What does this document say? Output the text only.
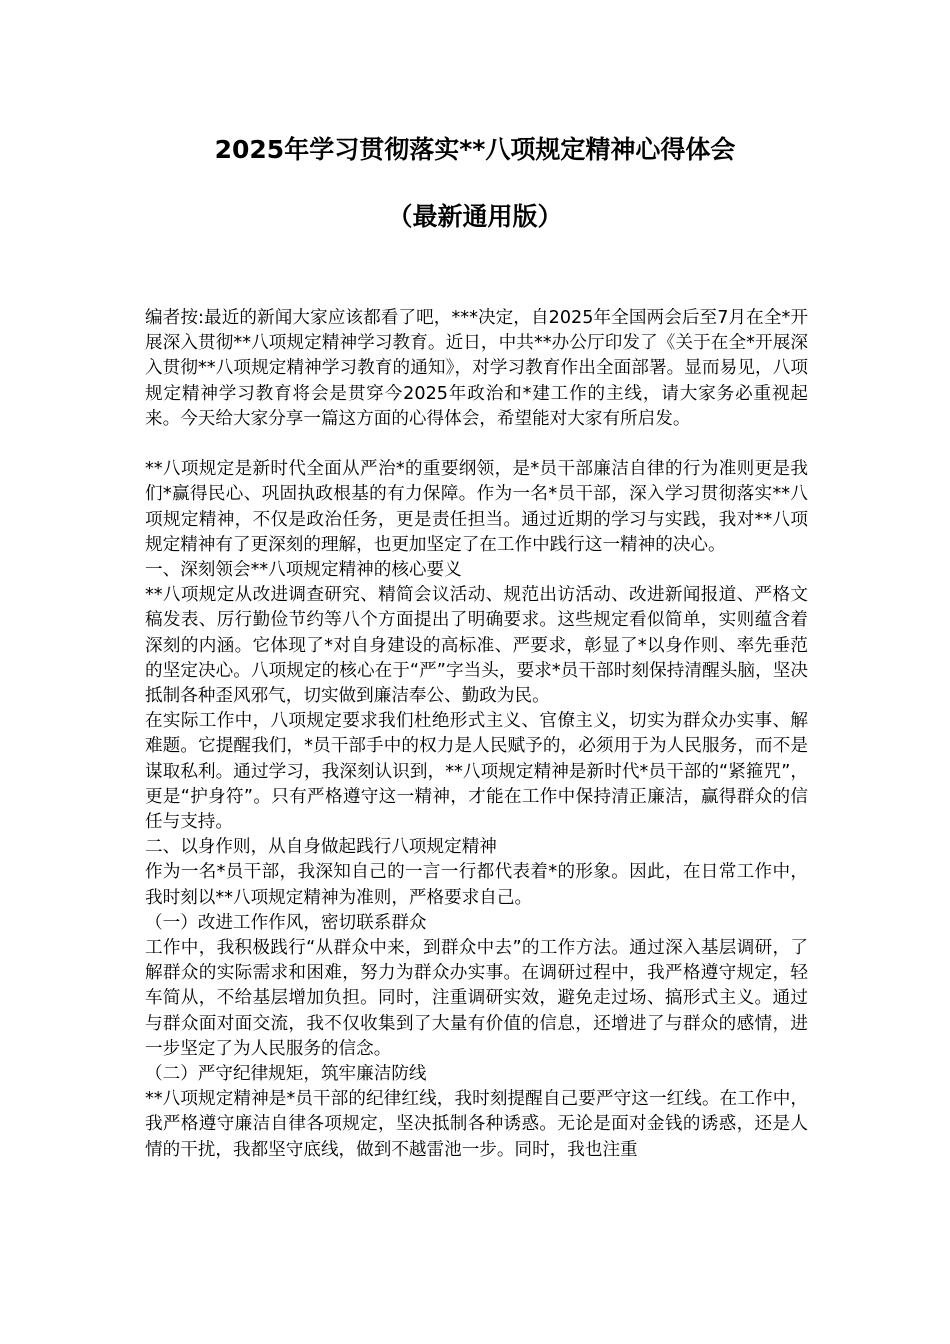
2025年学习贯彻落实**八项规定精神心得体会
（最新通用版）

编者按:最近的新闻大家应该都看了吧，***决定，自2025年全国两会后至7月在全*开展深入贯彻**八项规定精神学习教育。近日，中共**办公厅印发了《关于在全*开展深入贯彻**八项规定精神学习教育的通知》，对学习教育作出全面部署。显而易见，八项规定精神学习教育将会是贯穿今2025年政治和*建工作的主线，请大家务必重视起来。今天给大家分享一篇这方面的心得体会，希望能对大家有所启发。

**八项规定是新时代全面从严治*的重要纲领，是*员干部廉洁自律的行为准则更是我们*赢得民心、巩固执政根基的有力保障。作为一名*员干部，深入学习贯彻落实**八项规定精神，不仅是政治任务，更是责任担当。通过近期的学习与实践，我对**八项规定精神有了更深刻的理解，也更加坚定了在工作中践行这一精神的决心。

一、深刻领会**八项规定精神的核心要义

**八项规定从改进调查研究、精简会议活动、规范出访活动、改进新闻报道、严格文稿发表、厉行勤俭节约等八个方面提出了明确要求。这些规定看似简单，实则蕴含着深刻的内涵。它体现了*对自身建设的高标准、严要求，彰显了*以身作则、率先垂范的坚定决心。八项规定的核心在于“严”字当头，要求*员干部时刻保持清醒头脑，坚决抵制各种歪风邪气，切实做到廉洁奉公、勤政为民。

在实际工作中，八项规定要求我们杜绝形式主义、官僚主义，切实为群众办实事、解难题。它提醒我们，*员干部手中的权力是人民赋予的，必须用于为人民服务，而不是谋取私利。通过学习，我深刻认识到，**八项规定精神是新时代*员干部的“紧箍咒”，更是“护身符”。只有严格遵守这一精神，才能在工作中保持清正廉洁，赢得群众的信任与支持。

二、以身作则，从自身做起践行八项规定精神

作为一名*员干部，我深知自己的一言一行都代表着*的形象。因此，在日常工作中，我时刻以**八项规定精神为准则，严格要求自己。

（一）改进工作作风，密切联系群众

工作中，我积极践行“从群众中来，到群众中去”的工作方法。通过深入基层调研，了解群众的实际需求和困难，努力为群众办实事。在调研过程中，我严格遵守规定，轻车简从，不给基层增加负担。同时，注重调研实效，避免走过场、搞形式主义。通过与群众面对面交流，我不仅收集到了大量有价值的信息，还增进了与群众的感情，进一步坚定了为人民服务的信念。

（二）严守纪律规矩，筑牢廉洁防线

**八项规定精神是*员干部的纪律红线，我时刻提醒自己要严守这一红线。在工作中，我严格遵守廉洁自律各项规定，坚决抵制各种诱惑。无论是面对金钱的诱惑，还是人情的干扰，我都坚守底线，做到不越雷池一步。同时，我也注重
